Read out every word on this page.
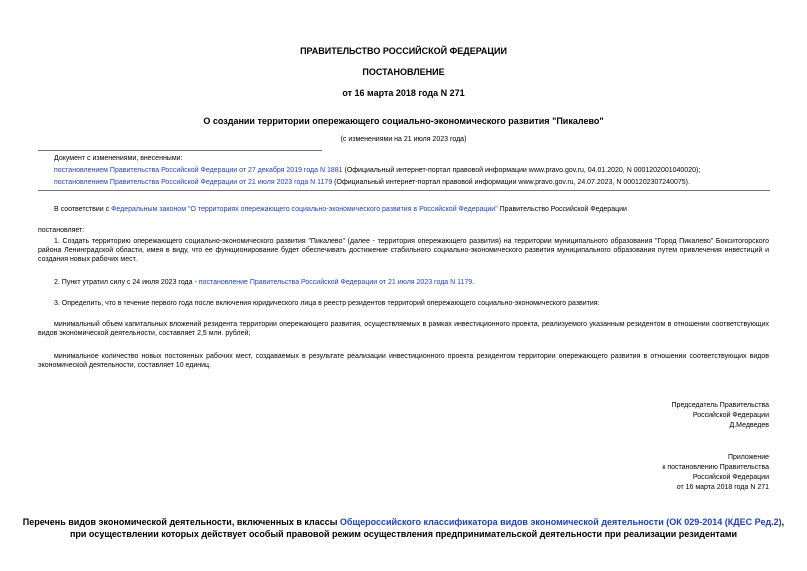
ПРАВИТЕЛЬСТВО РОССИЙСКОЙ ФЕДЕРАЦИИ
ПОСТАНОВЛЕНИЕ
от 16 марта 2018 года N 271
О создании территории опережающего социально-экономического развития "Пикалево"
(с изменениями на 21 июля 2023 года)
Документ с изменениями, внесенными:
постановлением Правительства Российской Федерации от 27 декабря 2019 года N 1881 (Официальный интернет-портал правовой информации www.pravo.gov.ru, 04.01.2020, N 0001202001040020);
постановлением Правительства Российской Федерации от 21 июля 2023 года N 1179 (Официальный интернет-портал правовой информации www.pravo.gov.ru, 24.07.2023, N 0001202307240075).
В соответствии с Федеральным законом "О территориях опережающего социально-экономического развития в Российской Федерации" Правительство Российской Федерации
постановляет:
1. Создать территорию опережающего социально-экономического развития "Пикалево" (далее - территория опережающего развития) на территории муниципального образования "Город Пикалево" Бокситогорского района Ленинградской области, имея в виду, что ее функционирование будет обеспечивать достижение стабильного социально-экономического развития муниципального образования путем привлечения инвестиций и создания новых рабочих мест.
2. Пункт утратил силу с 24 июля 2023 года - постановление Правительства Российской Федерации от 21 июля 2023 года N 1179.
3. Определить, что в течение первого года после включения юридического лица в реестр резидентов территорий опережающего социально-экономического развития:
минимальный объем капитальных вложений резидента территории опережающего развития, осуществляемых в рамках инвестиционного проекта, реализуемого указанным резидентом в отношении соответствующих видов экономической деятельности, составляет 2,5 млн. рублей;
минимальное количество новых постоянных рабочих мест, создаваемых в результате реализации инвестиционного проекта резидентом территории опережающего развития в отношении соответствующих видов экономической деятельности, составляет 10 единиц.
Председатель Правительства
Российской Федерации
Д.Медведев
Приложение
к постановлению Правительства
Российской Федерации
от 16 марта 2018 года N 271
Перечень видов экономической деятельности, включенных в классы Общероссийского классификатора видов экономической деятельности (ОК 029-2014 (КДЕС Ред.2), при осуществлении которых действует особый правовой режим осуществления предпринимательской деятельности при реализации резидентами
